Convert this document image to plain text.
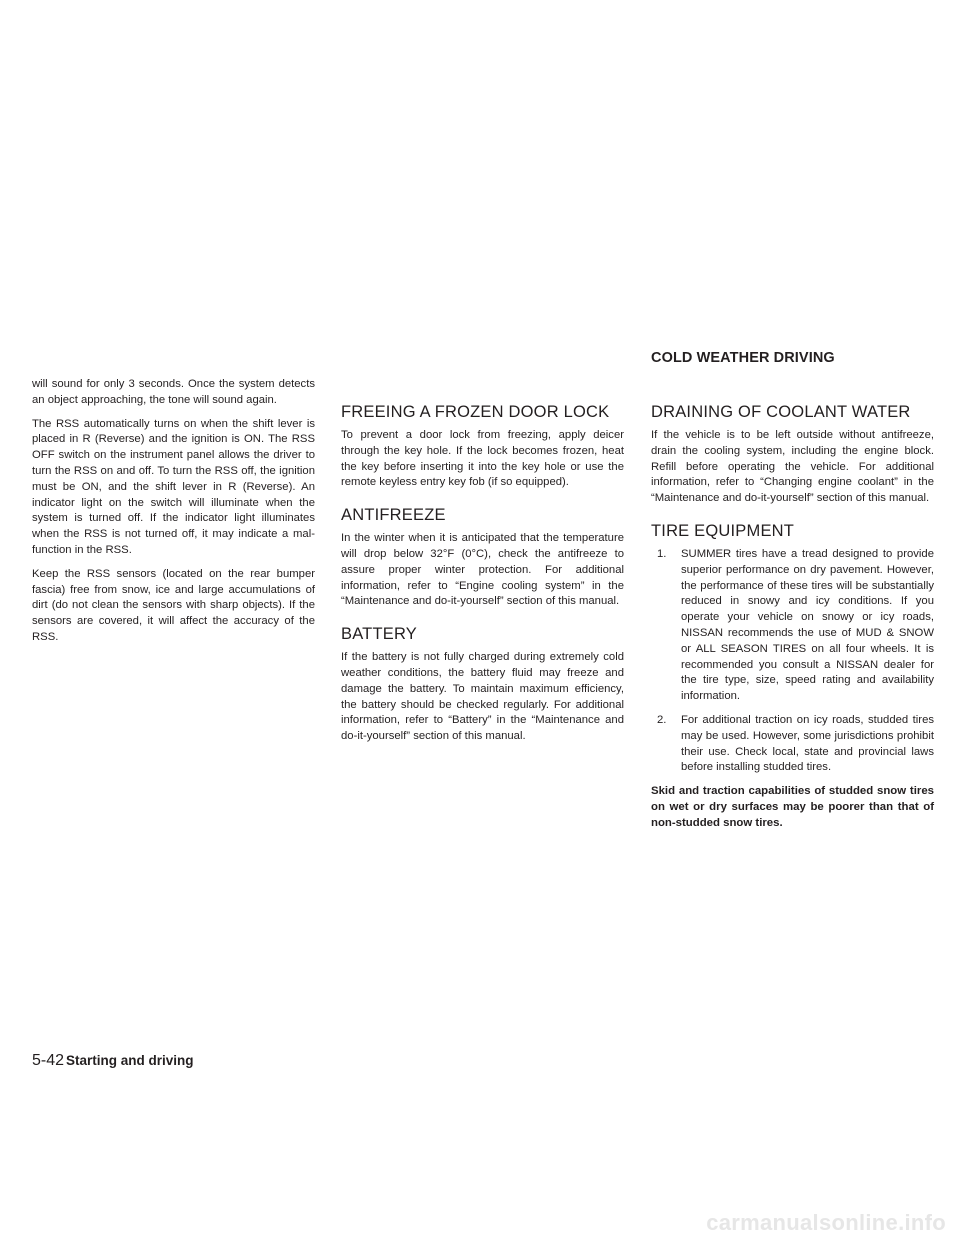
COLD WEATHER DRIVING

will sound for only 3 seconds. Once the system detects an object approaching, the tone will sound again.

The RSS automatically turns on when the shift lever is placed in R (Reverse) and the ignition is ON. The RSS OFF switch on the instrument panel allows the driver to turn the RSS on and off. To turn the RSS off, the ignition must be ON, and the shift lever in R (Reverse). An indicator light on the switch will illuminate when the system is turned off. If the indicator light illuminates when the RSS is not turned off, it may indicate a malfunction in the RSS.

Keep the RSS sensors (located on the rear bumper fascia) free from snow, ice and large accumulations of dirt (do not clean the sensors with sharp objects). If the sensors are covered, it will affect the accuracy of the RSS.

FREEING A FROZEN DOOR LOCK

To prevent a door lock from freezing, apply deicer through the key hole. If the lock becomes frozen, heat the key before inserting it into the key hole or use the remote keyless entry key fob (if so equipped).

ANTIFREEZE

In the winter when it is anticipated that the temperature will drop below 32°F (0°C), check the antifreeze to assure proper winter protection. For additional information, refer to “Engine cooling system” in the “Maintenance and do-it-yourself” section of this manual.

BATTERY

If the battery is not fully charged during extremely cold weather conditions, the battery fluid may freeze and damage the battery. To maintain maximum efficiency, the battery should be checked regularly. For additional information, refer to “Battery” in the “Maintenance and do-it-yourself” section of this manual.

DRAINING OF COOLANT WATER

If the vehicle is to be left outside without antifreeze, drain the cooling system, including the engine block. Refill before operating the vehicle. For additional information, refer to “Changing engine coolant” in the “Maintenance and do-it-yourself” section of this manual.

TIRE EQUIPMENT
1. SUMMER tires have a tread designed to provide superior performance on dry pavement. However, the performance of these tires will be substantially reduced in snowy and icy conditions. If you operate your vehicle on snowy or icy roads, NISSAN recommends the use of MUD & SNOW or ALL SEASON TIRES on all four wheels. It is recommended you consult a NISSAN dealer for the tire type, size, speed rating and availability information.
2. For additional traction on icy roads, studded tires may be used. However, some jurisdictions prohibit their use. Check local, state and provincial laws before installing studded tires.

Skid and traction capabilities of studded snow tires on wet or dry surfaces may be poorer than that of non-studded snow tires.

5-42 Starting and driving
carmanualsonline.info
